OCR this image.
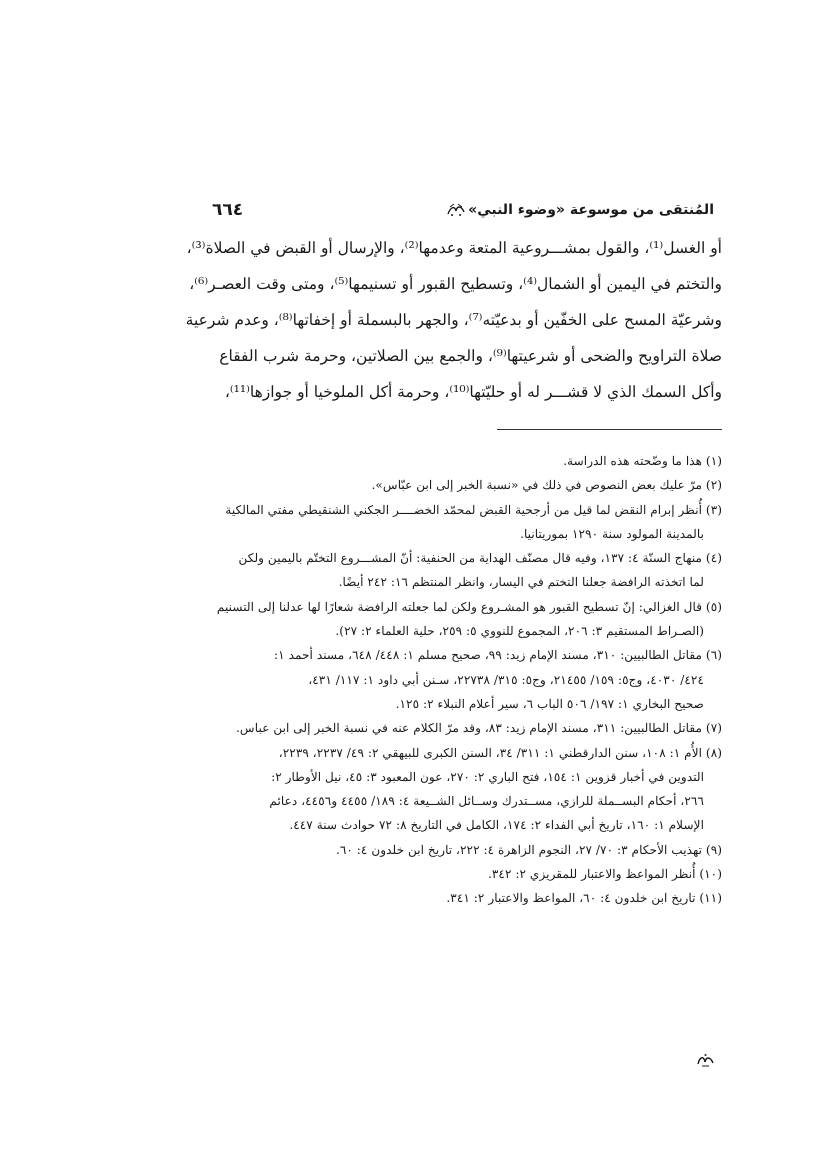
المُنتقى من موسوعة «وضوء النبي»
٦٦٤

أو الغسل⁽¹⁾، والقول بمشـــروعية المتعة وعدمها⁽²⁾، والإرسال أو القبض في الصلاة⁽³⁾،
والتختم في اليمين أو الشمال⁽⁴⁾، وتسطيح القبور أو تسنيمها⁽⁵⁾، ومتى وقت العصـر⁽⁶⁾،
وشرعيّة المسح على الخفّين أو بدعيّته⁽⁷⁾، والجهر بالبسملة أو إخفاتها⁽⁸⁾، وعدم شرعية
صلاة التراويح والضحى أو شرعيتها⁽⁹⁾، والجمع بين الصلاتين، وحرمة شرب الفقاع
وأكل السمك الذي لا قشـــر له أو حليّتها⁽¹⁰⁾، وحرمة أكل الملوخيا أو جوازها⁽¹¹⁾،

(١) هذا ما وضّحته هذه الدراسة.
(٢) مرّ عليك بعض النصوص في ذلك في «نسبة الخبر إلى ابن عبّاس».
(٣) أُنظر إبرام النقض لما قيل من أرجحية القبض لمحمّد الخضــــر الجكني الشنقيطي مفتي المالكية
بالمدينة المولود سنة ١٢٩٠ بموريتانيا.
(٤) منهاج السنّة ٤: ١٣٧، وفيه قال مصنّف الهداية من الحنفية: أنّ المشـــروع التختّم باليمين ولكن
لما اتخذته الرافضة جعلنا التختم في اليسار، وانظر المنتظم ١٦: ٢٤٢ أيضًا.
(٥) قال الغزالي: إنّ تسطيح القبور هو المشـروع ولكن لما جعلته الرافضة شعارًا لها عدلنا إلى التسنيم
(الصـراط المستقيم ٣: ٢٠٦، المجموع للنووي ٥: ٢٥٩، حلية العلماء ٢: ٢٧).
(٦) مقاتل الطالبيين: ٣١٠، مسند الإمام زيد: ٩٩، صحيح مسلم ١: ٤٤٨/ ٦٤٨، مسند أحمد ١:
٤٢٤/ ٤٠٣٠، وج٥: ١٥٩/ ٢١٤٥٥، وج٥: ٣١٥/ ٢٢٧٣٨، سـنن أبي داود ١: ١١٧/ ٤٣١،
صحيح البخاري ١: ١٩٧/ ٥٠٦ الباب ٦، سير أعلام النبلاء ٢: ١٢٥.
(٧) مقاتل الطالبيين: ٣١١، مسند الإمام زيد: ٨٣، وقد مرّ الكلام عنه في نسبة الخبر إلى ابن عباس.
(٨) الأُم ١: ١٠٨، سنن الدارقطني ١: ٣١١/ ٣٤، السنن الكبرى للبيهقي ٢: ٤٩/ ٢٢٣٧، ٢٢٣٩،
التدوين في أخبار قزوين ١: ١٥٤، فتح الباري ٢: ٢٧٠، عون المعبود ٣: ٤٥، نيل الأوطار ٢:
٢٦٦، أحكام البســملة للرازي، مســتدرك وســائل الشــيعة ٤: ١٨٩/ ٤٤٥٥ و٤٤٥٦، دعائم
الإسلام ١: ١٦٠، تاريخ أبي الفداء ٢: ١٧٤، الكامل في التاريخ ٨: ٧٢ حوادث سنة ٤٤٧.
(٩) تهذيب الأحكام ٣: ٧٠/ ٢٧، النجوم الزاهرة ٤: ٢٢٢، تاريخ ابن خلدون ٤: ٦٠.
(١٠) أُنظر المواعظ والاعتبار للمقريزي ٢: ٣٤٢.
(١١) تاريخ ابن خلدون ٤: ٦٠، المواعظ والاعتبار ٢: ٣٤١.
